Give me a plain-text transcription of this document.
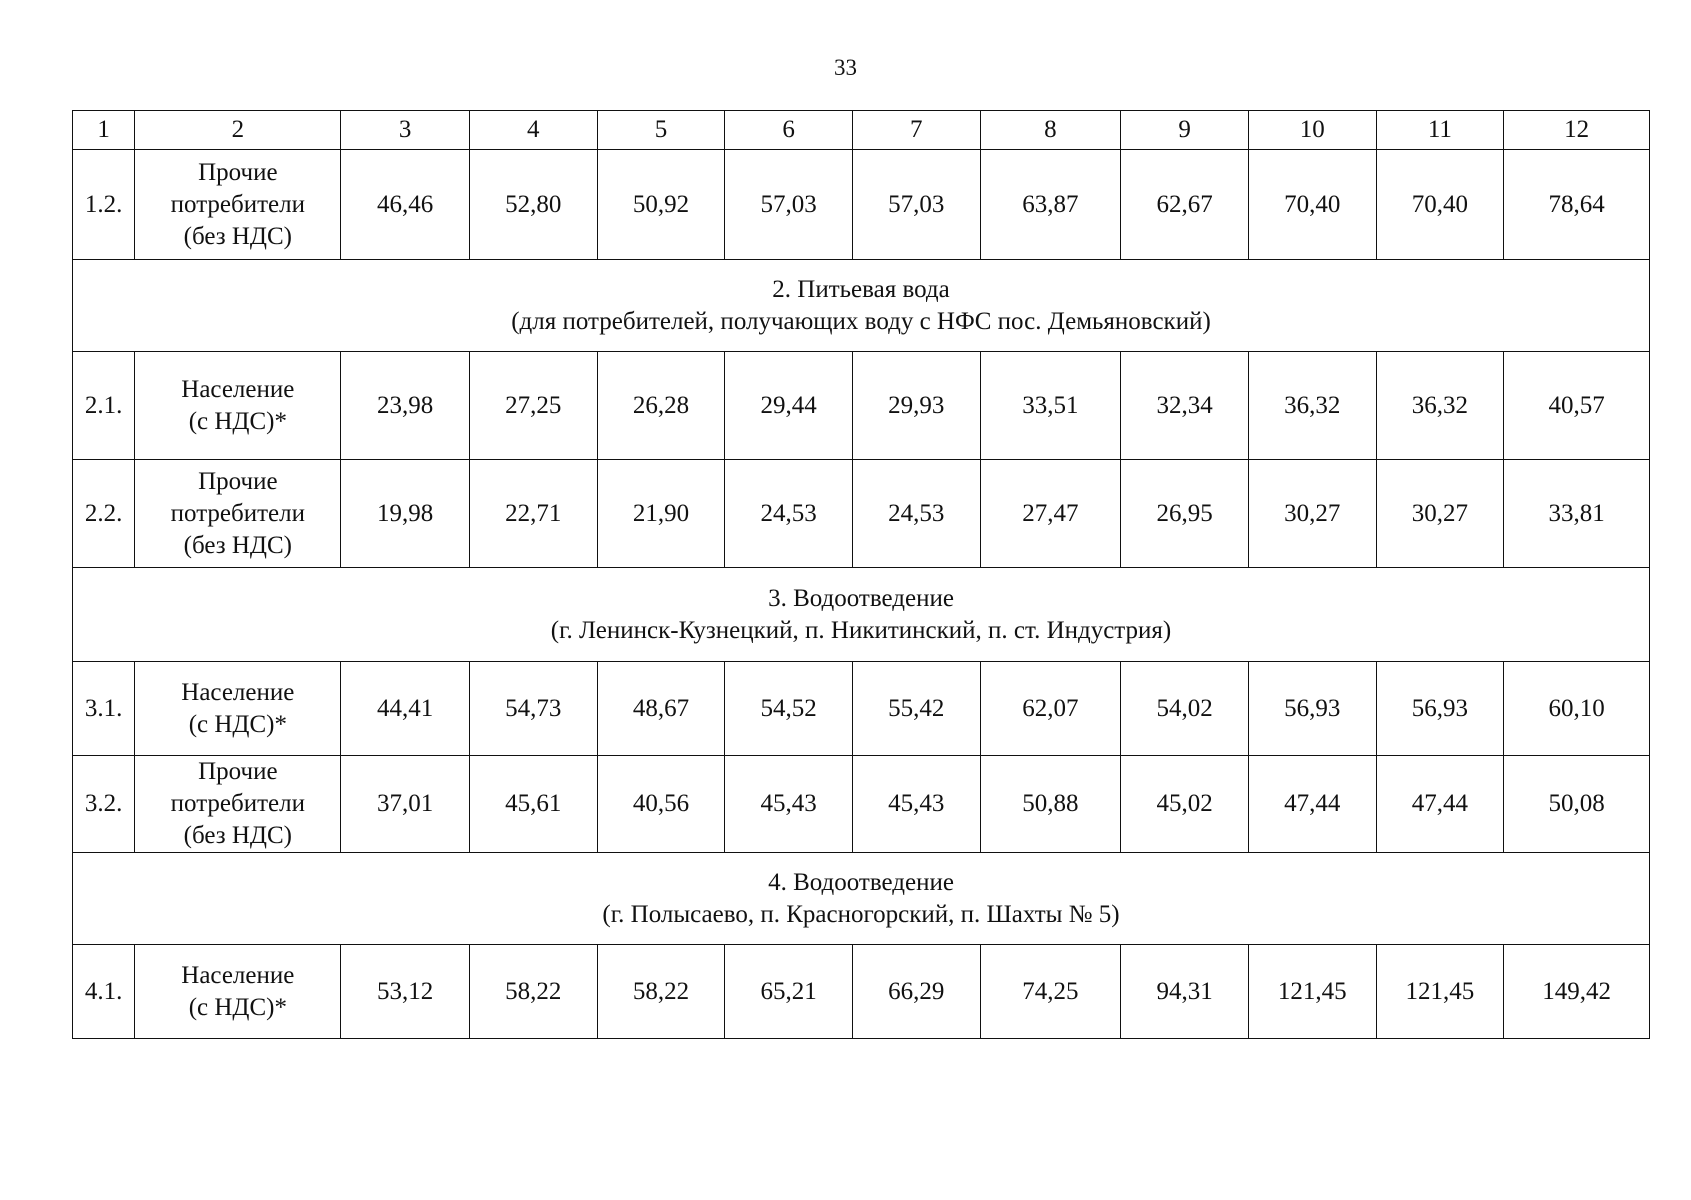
33
1	2	3	4	5	6	7	8	9	10	11	12
1.2.	Прочие
потребители
(без НДС)	46,46	52,80	50,92	57,03	57,03	63,87	62,67	70,40	70,40	78,64

2. Питьевая вода
(для потребителей, получающих воду с НФС пос. Демьяновский)											

2.1.	Население
(с НДС)*	23,98	27,25	26,28	29,44	29,93	33,51	32,34	36,32	36,32	40,57
2.2.	Прочие
потребители
(без НДС)	19,98	22,71	21,90	24,53	24,53	27,47	26,95	30,27	30,27	33,81

3. Водоотведение
(г. Ленинск-Кузнецкий, п. Никитинский, п. ст. Индустрия)											

3.1.	Население
(с НДС)*	44,41	54,73	48,67	54,52	55,42	62,07	54,02	56,93	56,93	60,10
3.2.	Прочие
потребители
(без НДС)	37,01	45,61	40,56	45,43	45,43	50,88	45,02	47,44	47,44	50,08

4. Водоотведение
(г. Полысаево, п. Красногорский, п. Шахты № 5)											

4.1.	Население
(с НДС)*	53,12	58,22	58,22	65,21	66,29	74,25	94,31	121,45	121,45	149,42
